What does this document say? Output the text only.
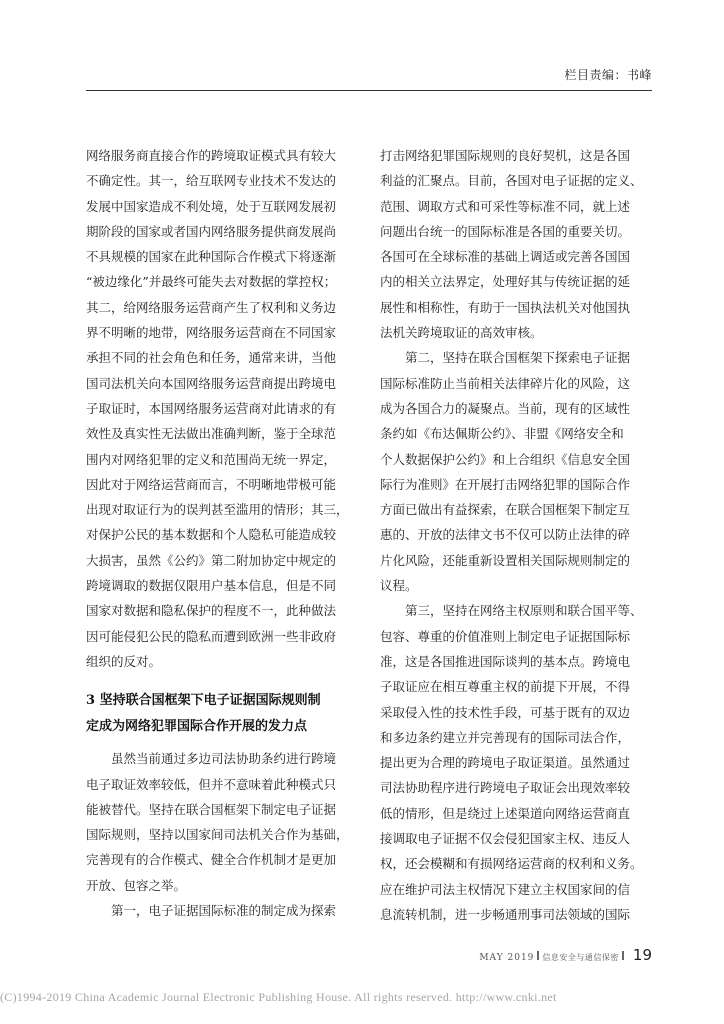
栏目责编：书峰
网络服务商直接合作的跨境取证模式具有较大
不确定性。其一，给互联网专业技术不发达的
发展中国家造成不利处境，处于互联网发展初
期阶段的国家或者国内网络服务提供商发展尚
不具规模的国家在此种国际合作模式下将逐渐
“被边缘化”并最终可能失去对数据的掌控权；
其二，给网络服务运营商产生了权利和义务边
界不明晰的地带，网络服务运营商在不同国家
承担不同的社会角色和任务，通常来讲，当他
国司法机关向本国网络服务运营商提出跨境电
子取证时，本国网络服务运营商对此请求的有
效性及真实性无法做出准确判断，鉴于全球范
围内对网络犯罪的定义和范围尚无统一界定，
因此对于网络运营商而言，不明晰地带极可能
出现对取证行为的误判甚至滥用的情形；其三，
对保护公民的基本数据和个人隐私可能造成较
大损害，虽然《公约》第二附加协定中规定的
跨境调取的数据仅限用户基本信息，但是不同
国家对数据和隐私保护的程度不一，此种做法
因可能侵犯公民的隐私而遭到欧洲一些非政府
组织的反对。
3 坚持联合国框架下电子证据国际规则制
定成为网络犯罪国际合作开展的发力点
虽然当前通过多边司法协助条约进行跨境
电子取证效率较低，但并不意味着此种模式只
能被替代。坚持在联合国框架下制定电子证据
国际规则，坚持以国家间司法机关合作为基础，
完善现有的合作模式、健全合作机制才是更加
开放、包容之举。
第一，电子证据国际标准的制定成为探索
打击网络犯罪国际规则的良好契机，这是各国
利益的汇聚点。目前，各国对电子证据的定义、
范围、调取方式和可采性等标准不同，就上述
问题出台统一的国际标准是各国的重要关切。
各国可在全球标准的基础上调适或完善各国国
内的相关立法界定，处理好其与传统证据的延
展性和相称性，有助于一国执法机关对他国执
法机关跨境取证的高效审核。
第二，坚持在联合国框架下探索电子证据
国际标准防止当前相关法律碎片化的风险，这
成为各国合力的凝聚点。当前，现有的区域性
条约如《布达佩斯公约》、非盟《网络安全和
个人数据保护公约》和上合组织《信息安全国
际行为准则》在开展打击网络犯罪的国际合作
方面已做出有益探索，在联合国框架下制定互
惠的、开放的法律文书不仅可以防止法律的碎
片化风险，还能重新设置相关国际规则制定的
议程。
第三，坚持在网络主权原则和联合国平等、
包容、尊重的价值准则上制定电子证据国际标
准，这是各国推进国际谈判的基本点。跨境电
子取证应在相互尊重主权的前提下开展，不得
采取侵入性的技术性手段，可基于既有的双边
和多边条约建立并完善现有的国际司法合作，
提出更为合理的跨境电子取证渠道。虽然通过
司法协助程序进行跨境电子取证会出现效率较
低的情形，但是绕过上述渠道向网络运营商直
接调取电子证据不仅会侵犯国家主权、违反人
权，还会模糊和有损网络运营商的权利和义务。
应在维护司法主权情况下建立主权国家间的信
息流转机制，进一步畅通刑事司法领域的国际
MAY 2019 信息安全与通信保密 19
(C)1994-2019 China Academic Journal Electronic Publishing House. All rights reserved. http://www.cnki.net
